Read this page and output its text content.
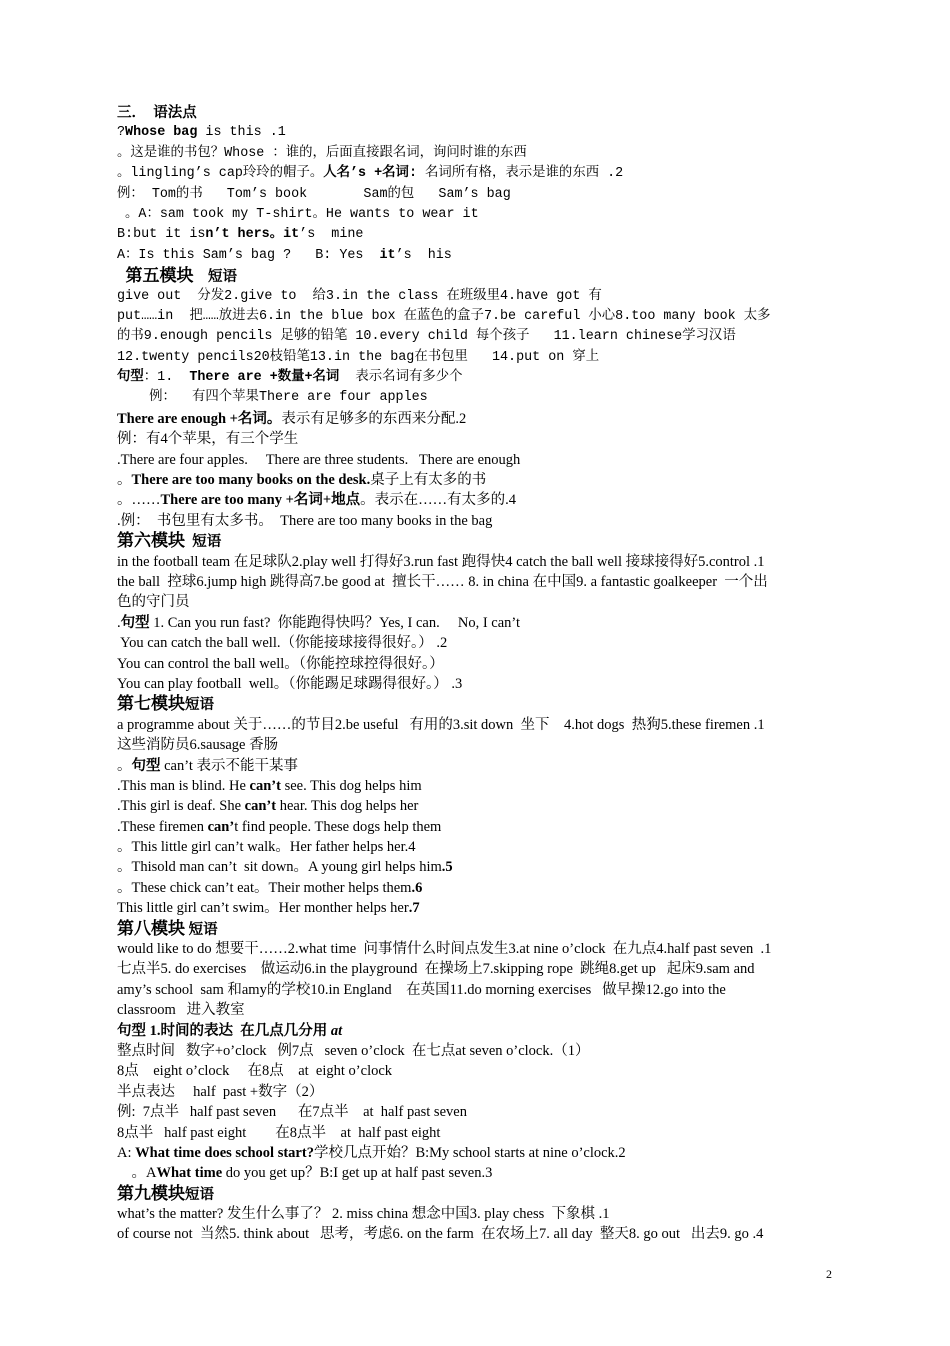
三．  语法点
?Whose bag is this .1
。这是谁的书包？Whose ：谁的，后面直接跟名词，询问时谁的东西
。lingling’s cap玲玲的帽子。人名’s +名词: 名词所有格，表示是谁的东西 .2
例： Tom的书   Tom’s book       Sam的包   Sam’s bag
。A：sam took my T-shirt。He wants to wear it
B:but it isn’t hers。it’s  mine
A：Is this Sam’s bag ?   B: Yes  it’s  his
第五模块    短语
give out  分发2.give to  给3.in the class 在班级里4.have got 有
put……in  把……放进去6.in the blue box 在蓝色的盒子7.be careful 小心8.too many book 太多
的书9.enough pencils 足够的铅笔 10.every child 每个孩子   11.learn chinese学习汉语
12.twenty pencils20枝铅笔13.in the bag在书包里   14.put on 穿上
句型：1.  There are +数量+名词  表示名词有多少个
例：  有四个苹果There are four apples
There are enough +名词。表示有足够多的东西来分配.2
例：有4个苹果，有三个学生
.There are four apples.     There are three students.   There are enough
。There are too many books on the desk.桌子上有太多的书
。……There are too many +名词+地点。表示在……有太多的.4
.例：  书包里有太多书。  There are too many books in the bag
第六模块  短语
in the football team 在足球队2.play well 打得好3.run fast 跑得快4 catch the ball well 接球接得好5.control .1
the ball  控球6.jump high 跳得高7.be good at  擅长干…… 8. in china 在中国9. a fantastic goalkeeper  一个出
色的守门员
.句型 1. Can you run fast?  你能跑得快吗？Yes, I can.     No, I can’t
You can catch the ball well.（你能接球接得很好。） .2
You can control the ball well。（你能控球控得很好。）
You can play football  well。（你能踢足球踢得很好。） .3
第七模块短语
a programme about 关于……的节目2.be useful   有用的3.sit down  坐下    4.hot dogs  热狗5.these firemen .1
这些消防员6.sausage 香肠
。句型 can’t 表示不能干某事
.This man is blind. He can’t see. This dog helps him
.This girl is deaf. She can’t hear. This dog helps her
.These firemen can’t find people. These dogs help them
。This little girl can’t walk。Her father helps her.4
。Thisold man can’t  sit down。A young girl helps him.5
。These chick can’t eat。Their mother helps them.6
This little girl can’t swim。Her monther helps her.7
第八模块 短语
would like to do 想要干……2.what time  问事情什么时间点发生3.at nine o’clock  在九点4.half past seven  .1
七点半5. do exercises    做运动6.in the playground  在操场上7.skipping rope  跳绳8.get up   起床9.sam and
amy’s school  sam 和amy的学校10.in England    在英国11.do morning exercises   做早操12.go into the
classroom   进入教室
句型 1.时间的表达  在几点几分用 at
整点时间   数字+o’clock   例7点   seven o’clock  在七点at seven o’clock.（1）
8点    eight o’clock     在8点    at  eight o’clock
半点表达     half  past +数字（2）
例:  7点半   half past seven      在7点半    at  half past seven
8点半   half past eight        在8点半    at  half past eight
A: What time does school start?学校几点开始？B:My school starts at nine o’clock.2
。AWhat time do you get up？B:I get up at half past seven.3
第九模块短语
what’s the matter? 发生什么事了？ 2. miss china 想念中国3. play chess  下象棋 .1
of course not  当然5. think about   思考，考虑6. on the farm  在农场上7. all day  整天8. go out   出去9. go .4
2
